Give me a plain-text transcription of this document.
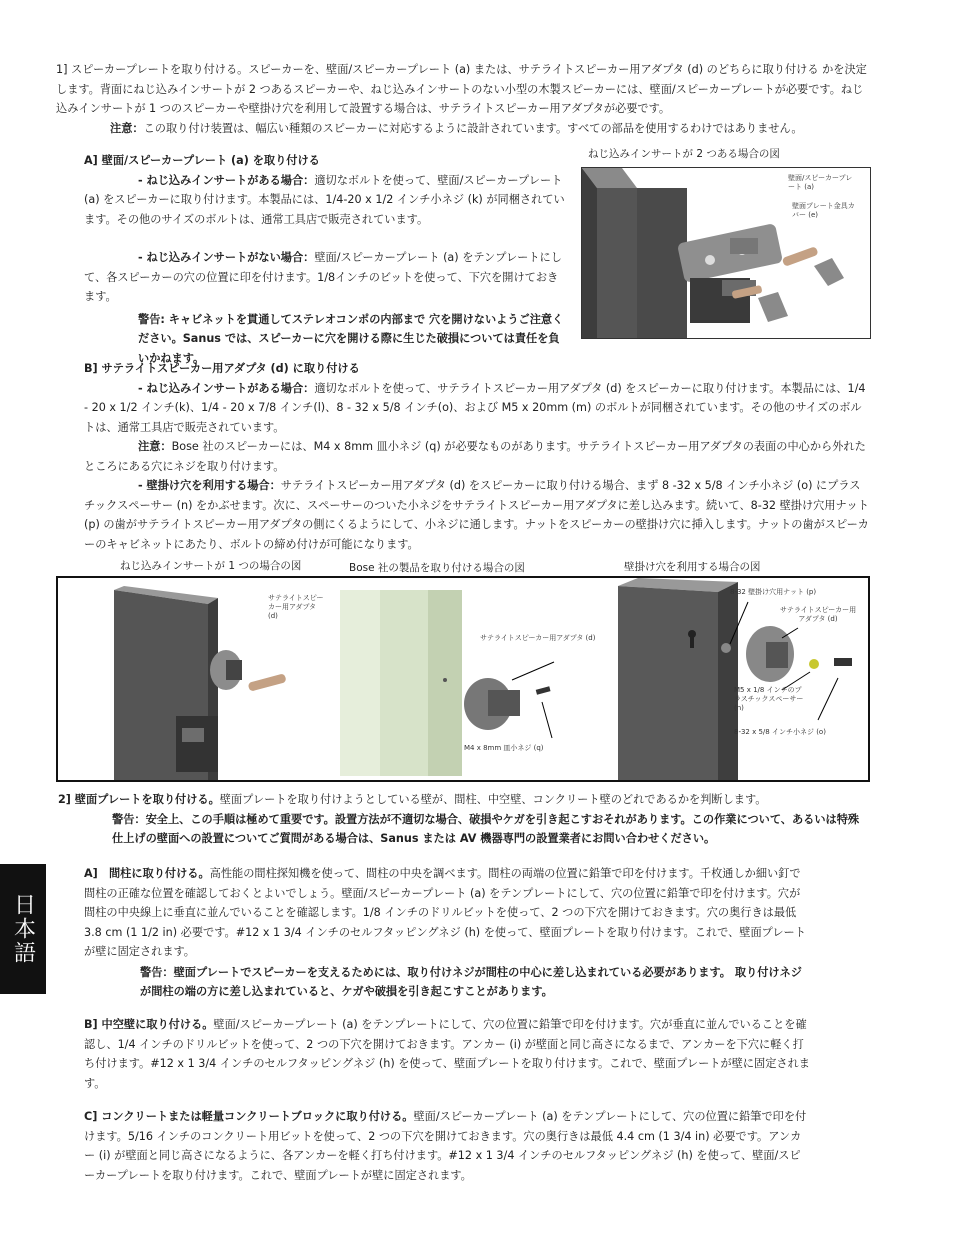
1] スピーカープレートを取り付ける。スピーカーを、壁面/スピーカープレート (a) または、サテライトスピーカー用アダプタ (d) のどちらに取り付ける かを決定します。背面にねじ込みインサートが 2 つあるスピーカーや、ねじ込みインサートのない小型の木製スピーカーには、壁面/スピーカープレートが必要です。ねじ込みインサートが 1 つのスピーカーや壁掛け穴を利用して設置する場合は、サテライトスピーカー用アダプタが必要です。

注意：この取り付け装置は、幅広い種類のスピーカーに対応するように設計されています。すべての部品を使用するわけではありません。

A] 壁面/スピーカープレート (a) を取り付ける

- ねじ込みインサートがある場合：適切なボルトを使って、壁面/スピーカープレート (a) をスピーカーに取り付けます。本製品には、1/4-20 x 1/2 インチ小ネジ (k) が同梱されています。その他のサイズのボルトは、通常工具店で販売されています。

- ねじ込みインサートがない場合：壁面/スピーカープレート (a) をテンプレートにして、各スピーカーの穴の位置に印を付けます。1/8インチのビットを使って、下穴を開けておきます。

警告: キャビネットを貫通してステレオコンポの内部まで 穴を開けないようご注意ください。Sanus では、スピーカーに穴を開ける際に生じた破損については責任を負いかねます。

ねじ込みインサートが 2 つある場合の図
壁面/スピーカープレート (a)
壁面プレート金具カバー (e)

B] サテライトスピーカー用アダプタ (d) に取り付ける

- ねじ込みインサートがある場合：適切なボルトを使って、サテライトスピーカー用アダプタ (d) をスピーカーに取り付けます。本製品には、1/4 - 20 x 1/2 インチ(k)、1/4 - 20 x 7/8 インチ(l)、8 - 32 x 5/8 インチ(o)、および M5 x 20mm (m) のボルトが同梱されています。その他のサイズのボルトは、通常工具店で販売されています。

注意：Bose 社のスピーカーには、M4 x 8mm 皿小ネジ (q) が必要なものがあります。サテライトスピーカー用アダプタの表面の中心から外れたところにある穴にネジを取り付けます。

- 壁掛け穴を利用する場合：サテライトスピーカー用アダプタ (d) をスピーカーに取り付ける場合、まず 8 -32 x 5/8 インチ小ネジ (o) にプラスチックスペーサー (n) をかぶせます。次に、スペーサーのついた小ネジをサテライトスピーカー用アダプタに差し込みます。続いて、8-32 壁掛け穴用ナット (p) の歯がサテライトスピーカー用アダプタの側にくるようにして、小ネジに通します。ナットをスピーカーの壁掛け穴に挿入します。ナットの歯がスピーカーのキャビネットにあたり、ボルトの締め付けが可能になります。

ねじ込みインサートが 1 つの場合の図	Bose 社の製品を取り付ける場合の図	壁掛け穴を利用する場合の図
サテライトスピーカー用アダプタ (d)
サテライトスピーカー用アダプタ (d)
M4 x 8mm 皿小ネジ (q)
8-32 壁掛け穴用ナット (p)
サテライトスピーカー用アダプタ (d)
M5 x 1/8 インチのプラスチックスペーサー (n)
8-32 x 5/8 インチ小ネジ (o)

2] 壁面プレートを取り付ける。壁面プレートを取り付けようとしている壁が、間柱、中空壁、コンクリート壁のどれであるかを判断します。

警告：安全上、この手順は極めて重要です。設置方法が不適切な場合、破損やケガを引き起こすおそれがあります。この作業について、あるいは特殊仕上げの壁面への設置についてご質問がある場合は、Sanus または AV 機器専門の設置業者にお問い合わせください。

A]　間柱に取り付ける。高性能の間柱探知機を使って、間柱の中央を調べます。間柱の両端の位置に鉛筆で印を付けます。千枚通しか細い釘で間柱の正確な位置を確認しておくとよいでしょう。壁面/スピーカープレート (a) をテンプレートにして、穴の位置に鉛筆で印を付けます。穴が間柱の中央線上に垂直に並んでいることを確認します。1/8 インチのドリルビットを使って、2 つの下穴を開けておきます。穴の奥行きは最低 3.8 cm (1 1/2 in) 必要です。#12 x 1 3/4 インチのセルフタッピングネジ (h) を使って、壁面プレートを取り付けます。これで、壁面プレートが壁に固定されます。

警告：壁面プレートでスピーカーを支えるためには、取り付けネジが間柱の中心に差し込まれている必要があります。 取り付けネジが間柱の端の方に差し込まれていると、ケガや破損を引き起こすことがあります。

B] 中空壁に取り付ける。壁面/スピーカープレート (a) をテンプレートにして、穴の位置に鉛筆で印を付けます。穴が垂直に並んでいることを確認し、1/4 インチのドリルビットを使って、2 つの下穴を開けておきます。アンカー (i) が壁面と同じ高さになるまで、アンカーを下穴に軽く打ち付けます。#12 x 1 3/4 インチのセルフタッピングネジ (h) を使って、壁面プレートを取り付けます。これで、壁面プレートが壁に固定されます。

C] コンクリートまたは軽量コンクリートブロックに取り付ける。壁面/スピーカープレート (a) をテンプレートにして、穴の位置に鉛筆で印を付けます。5/16 インチのコンクリート用ビットを使って、2 つの下穴を開けておきます。穴の奥行きは最低 4.4 cm (1 3/4 in) 必要です。アンカー (i) が壁面と同じ高さになるように、各アンカーを軽く打ち付けます。#12 x 1 3/4 インチのセルフタッピングネジ (h) を使って、壁面/スピーカープレートを取り付けます。これで、壁面プレートが壁に固定されます。

日本語
